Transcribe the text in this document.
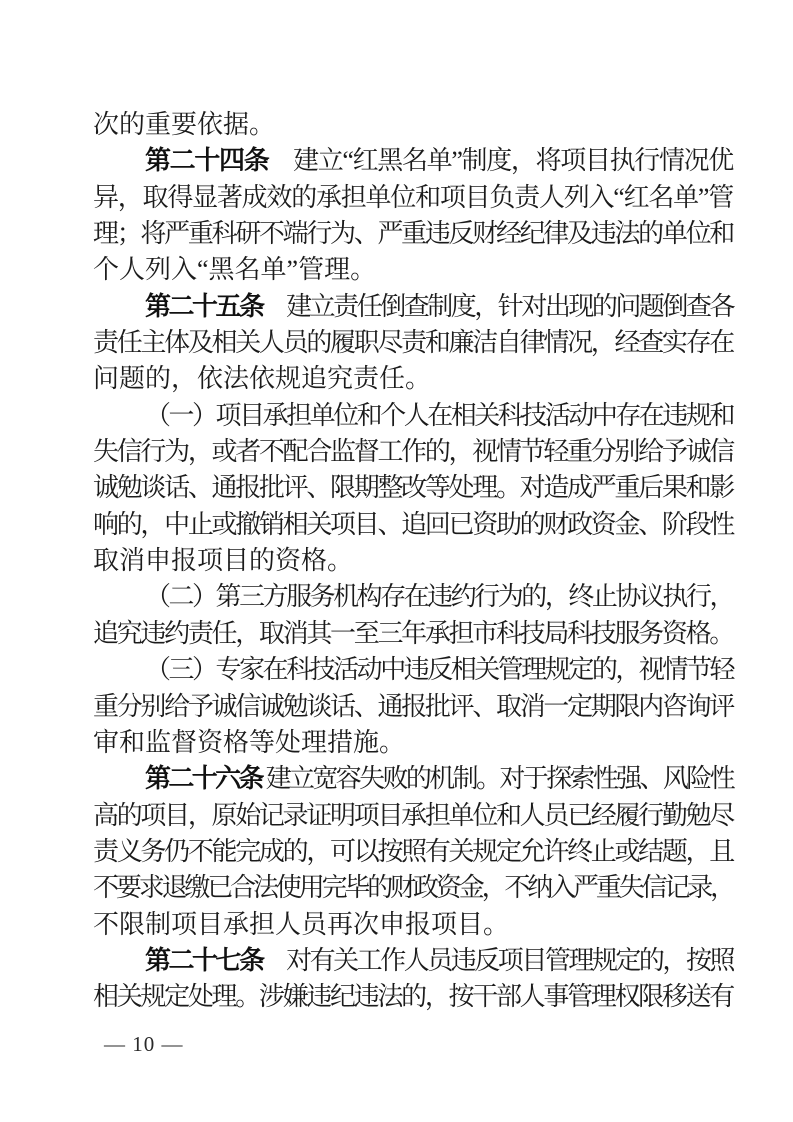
次的重要依据。
第二十四条　建立“红黑名单”制度，将项目执行情况优
异，取得显著成效的承担单位和项目负责人列入“红名单”管
理；将严重科研不端行为、严重违反财经纪律及违法的单位和
个人列入“黑名单”管理。
第二十五条　建立责任倒查制度，针对出现的问题倒查各
责任主体及相关人员的履职尽责和廉洁自律情况，经查实存在
问题的，依法依规追究责任。
（一）项目承担单位和个人在相关科技活动中存在违规和
失信行为，或者不配合监督工作的，视情节轻重分别给予诚信
诚勉谈话、通报批评、限期整改等处理。对造成严重后果和影
响的，中止或撤销相关项目、追回已资助的财政资金、阶段性
取消申报项目的资格。
（二）第三方服务机构存在违约行为的，终止协议执行，
追究违约责任，取消其一至三年承担市科技局科技服务资格。
（三）专家在科技活动中违反相关管理规定的，视情节轻
重分别给予诚信诚勉谈话、通报批评、取消一定期限内咨询评
审和监督资格等处理措施。
第二十六条 建立宽容失败的机制。对于探索性强、风险性
高的项目，原始记录证明项目承担单位和人员已经履行勤勉尽
责义务仍不能完成的，可以按照有关规定允许终止或结题，且
不要求退缴已合法使用完毕的财政资金，不纳入严重失信记录，
不限制项目承担人员再次申报项目。
第二十七条　对有关工作人员违反项目管理规定的，按照
相关规定处理。涉嫌违纪违法的，按干部人事管理权限移送有
— 10 —
